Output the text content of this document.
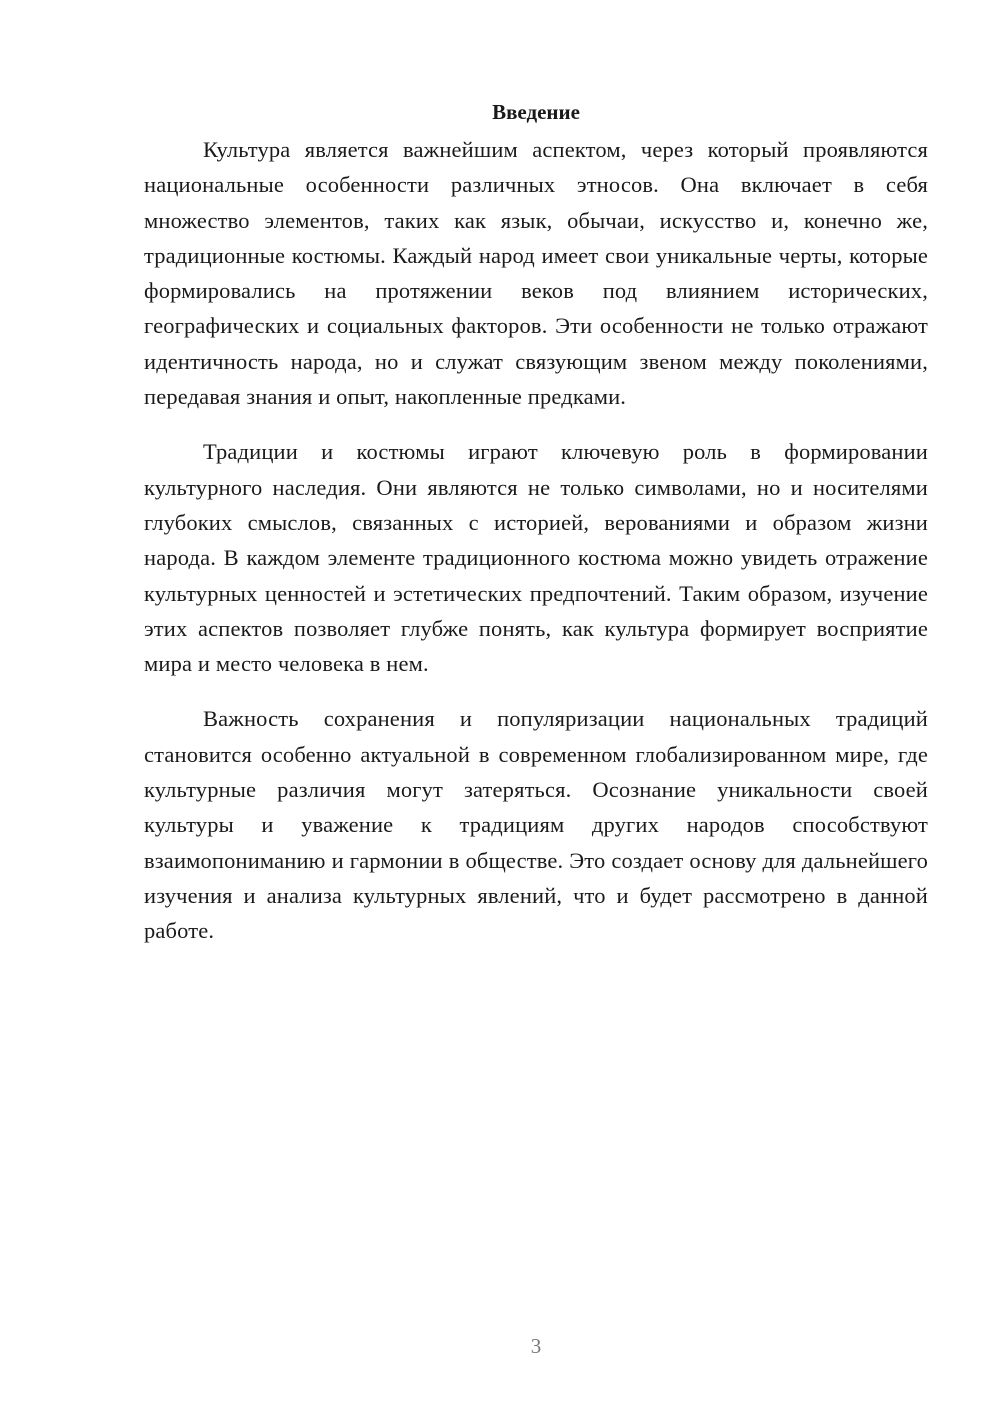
Введение

Культура является важнейшим аспектом, через который проявляются национальные особенности различных этносов. Она включает в себя множество элементов, таких как язык, обычаи, искусство и, конечно же, традиционные костюмы. Каждый народ имеет свои уникальные черты, которые формировались на протяжении веков под влиянием исторических, географических и социальных факторов. Эти особенности не только отражают идентичность народа, но и служат связующим звеном между поколениями, передавая знания и опыт, накопленные предками.

Традиции и костюмы играют ключевую роль в формировании культурного наследия. Они являются не только символами, но и носителями глубоких смыслов, связанных с историей, верованиями и образом жизни народа. В каждом элементе традиционного костюма можно увидеть отражение культурных ценностей и эстетических предпочтений. Таким образом, изучение этих аспектов позволяет глубже понять, как культура формирует восприятие мира и место человека в нем.

Важность сохранения и популяризации национальных традиций становится особенно актуальной в современном глобализированном мире, где культурные различия могут затеряться. Осознание уникальности своей культуры и уважение к традициям других народов способствуют взаимопониманию и гармонии в обществе. Это создает основу для дальнейшего изучения и анализа культурных явлений, что и будет рассмотрено в данной работе.

3
